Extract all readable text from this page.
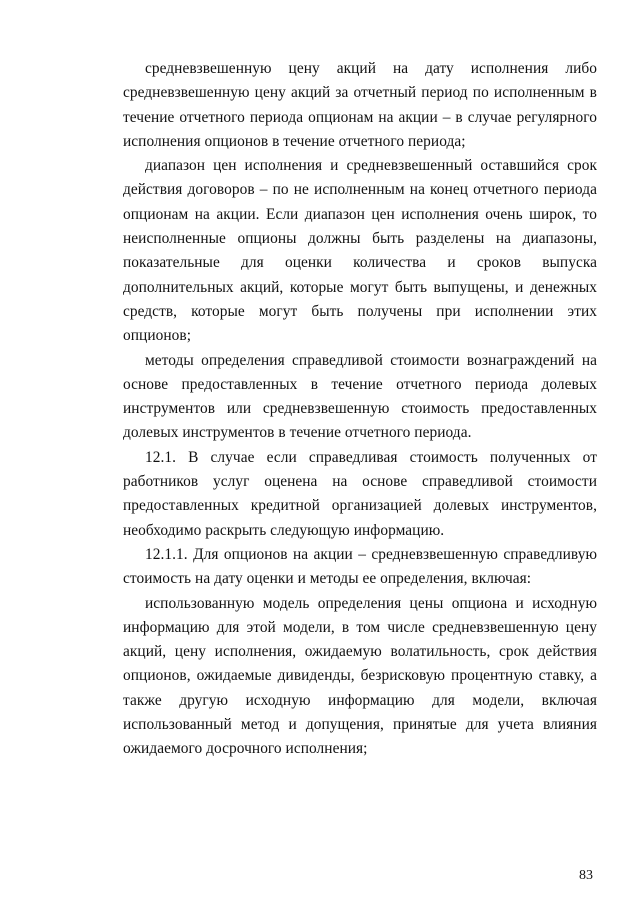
средневзвешенную цену акций на дату исполнения либо средневзвешенную цену акций за отчетный период по исполненным в течение отчетного периода опционам на акции – в случае регулярного исполнения опционов в течение отчетного периода;

диапазон цен исполнения и средневзвешенный оставшийся срок действия договоров – по не исполненным на конец отчетного периода опционам на акции. Если диапазон цен исполнения очень широк, то неисполненные опционы должны быть разделены на диапазоны, показательные для оценки количества и сроков выпуска дополнительных акций, которые могут быть выпущены, и денежных средств, которые могут быть получены при исполнении этих опционов;

методы определения справедливой стоимости вознаграждений на основе предоставленных в течение отчетного периода долевых инструментов или средневзвешенную стоимость предоставленных долевых инструментов в течение отчетного периода.

12.1. В случае если справедливая стоимость полученных от работников услуг оценена на основе справедливой стоимости предоставленных кредитной организацией долевых инструментов, необходимо раскрыть следующую информацию.

12.1.1. Для опционов на акции – средневзвешенную справедливую стоимость на дату оценки и методы ее определения, включая:

использованную модель определения цены опциона и исходную информацию для этой модели, в том числе средневзвешенную цену акций, цену исполнения, ожидаемую волатильность, срок действия опционов, ожидаемые дивиденды, безрисковую процентную ставку, а также другую исходную информацию для модели, включая использованный метод и допущения, принятые для учета влияния ожидаемого досрочного исполнения;

83
